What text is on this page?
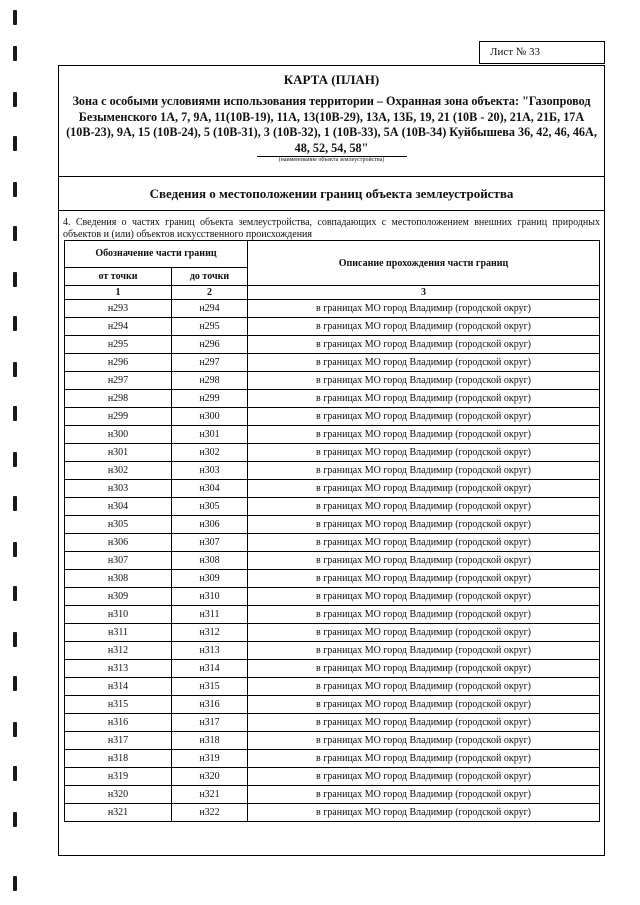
Лист № 33
КАРТА (ПЛАН)
Зона с особыми условиями использования территории – Охранная зона объекта: "Газопровод Безыменского 1А, 7, 9А, 11(10В-19), 11А, 13(10В-29), 13А, 13Б, 19, 21 (10В - 20), 21А, 21Б, 17А (10В-23), 9А, 15 (10В-24), 5 (10В-31), 3 (10В-32), 1 (10В-33), 5А (10В-34) Куйбышева 36, 42, 46, 46А, 48, 52, 54, 58"
(наименование объекта землеустройства)
Сведения о местоположении границ объекта землеустройства
4. Сведения о частях границ объекта землеустройства, совпадающих с местоположением внешних границ природных объектов и (или) объектов искусственного происхождения
Обозначение части границ		Описание прохождения части границ
от точки	до точки	
1	2	3
н293	н294	в границах МО город Владимир (городской округ)
н294	н295	в границах МО город Владимир (городской округ)
н295	н296	в границах МО город Владимир (городской округ)
н296	н297	в границах МО город Владимир (городской округ)
н297	н298	в границах МО город Владимир (городской округ)
н298	н299	в границах МО город Владимир (городской округ)
н299	н300	в границах МО город Владимир (городской округ)
н300	н301	в границах МО город Владимир (городской округ)
н301	н302	в границах МО город Владимир (городской округ)
н302	н303	в границах МО город Владимир (городской округ)
н303	н304	в границах МО город Владимир (городской округ)
н304	н305	в границах МО город Владимир (городской округ)
н305	н306	в границах МО город Владимир (городской округ)
н306	н307	в границах МО город Владимир (городской округ)
н307	н308	в границах МО город Владимир (городской округ)
н308	н309	в границах МО город Владимир (городской округ)
н309	н310	в границах МО город Владимир (городской округ)
н310	н311	в границах МО город Владимир (городской округ)
н311	н312	в границах МО город Владимир (городской округ)
н312	н313	в границах МО город Владимир (городской округ)
н313	н314	в границах МО город Владимир (городской округ)
н314	н315	в границах МО город Владимир (городской округ)
н315	н316	в границах МО город Владимир (городской округ)
н316	н317	в границах МО город Владимир (городской округ)
н317	н318	в границах МО город Владимир (городской округ)
н318	н319	в границах МО город Владимир (городской округ)
н319	н320	в границах МО город Владимир (городской округ)
н320	н321	в границах МО город Владимир (городской округ)
н321	н322	в границах МО город Владимир (городской округ)
